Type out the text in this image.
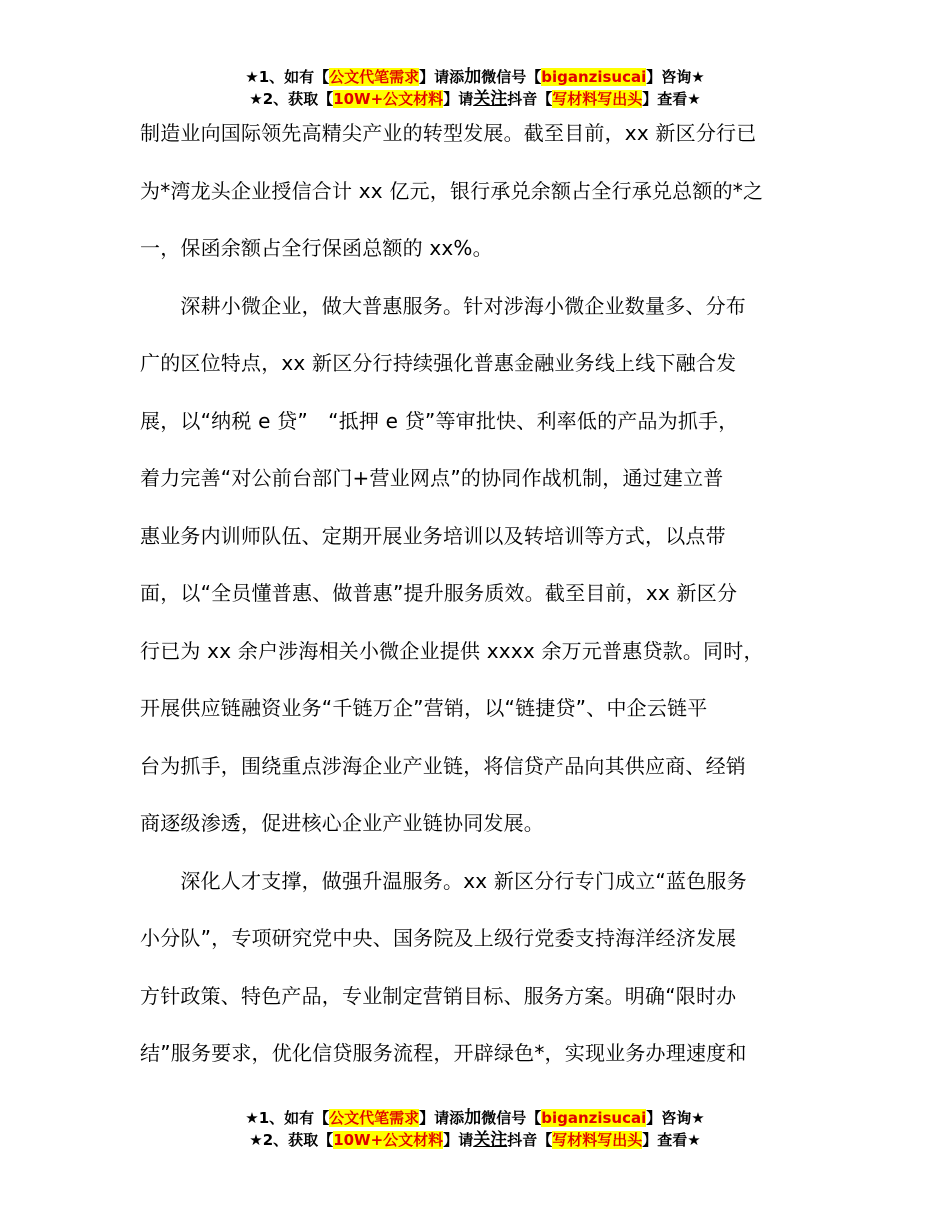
★1、如有【公文代笔需求】请添加微信号【biganzisucai】咨询★
★2、获取【10W+公文材料】请关注抖音【写材料写出头】查看★
制造业向国际领先高精尖产业的转型发展。截至目前，xx 新区分行已
为*湾龙头企业授信合计 xx 亿元，银行承兑余额占全行承兑总额的*之
一，保函余额占全行保函总额的 xx%。
　　深耕小微企业，做大普惠服务。针对涉海小微企业数量多、分布
广的区位特点，xx 新区分行持续强化普惠金融业务线上线下融合发
展，以“纳税 e 贷”　“抵押 e 贷”等审批快、利率低的产品为抓手，
着力完善“对公前台部门+营业网点”的协同作战机制，通过建立普
惠业务内训师队伍、定期开展业务培训以及转培训等方式，以点带
面，以“全员懂普惠、做普惠”提升服务质效。截至目前，xx 新区分
行已为 xx 余户涉海相关小微企业提供 xxxx 余万元普惠贷款。同时，
开展供应链融资业务“千链万企”营销，以“链捷贷”、中企云链平
台为抓手，围绕重点涉海企业产业链，将信贷产品向其供应商、经销
商逐级渗透，促进核心企业产业链协同发展。
　　深化人才支撑，做强升温服务。xx 新区分行专门成立“蓝色服务
小分队”，专项研究党中央、国务院及上级行党委支持海洋经济发展
方针政策、特色产品，专业制定营销目标、服务方案。明确“限时办
结”服务要求，优化信贷服务流程，开辟绿色*，实现业务办理速度和
★1、如有【公文代笔需求】请添加微信号【biganzisucai】咨询★
★2、获取【10W+公文材料】请关注抖音【写材料写出头】查看★
